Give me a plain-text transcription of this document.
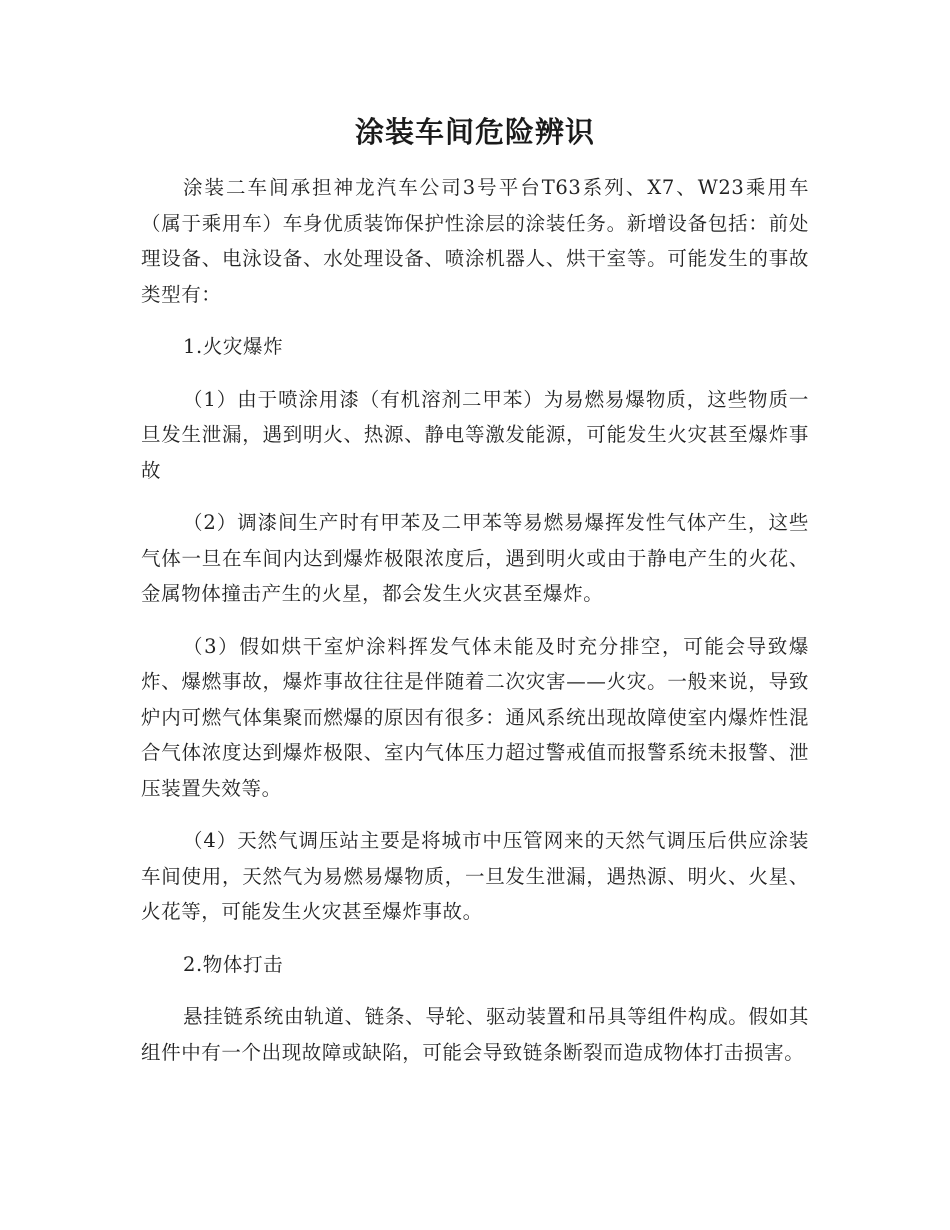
涂装车间危险辨识

涂装二车间承担神龙汽车公司3号平台T63系列、X7、W23乘用车（属于乘用车）车身优质装饰保护性涂层的涂装任务。新增设备包括：前处理设备、电泳设备、水处理设备、喷涂机器人、烘干室等。可能发生的事故类型有：

1.火灾爆炸

（1）由于喷涂用漆（有机溶剂二甲苯）为易燃易爆物质，这些物质一旦发生泄漏，遇到明火、热源、静电等激发能源，可能发生火灾甚至爆炸事故

（2）调漆间生产时有甲苯及二甲苯等易燃易爆挥发性气体产生，这些气体一旦在车间内达到爆炸极限浓度后，遇到明火或由于静电产生的火花、金属物体撞击产生的火星，都会发生火灾甚至爆炸。

（3）假如烘干室炉涂料挥发气体未能及时充分排空，可能会导致爆炸、爆燃事故，爆炸事故往往是伴随着二次灾害——火灾。一般来说，导致炉内可燃气体集聚而燃爆的原因有很多：通风系统出现故障使室内爆炸性混合气体浓度达到爆炸极限、室内气体压力超过警戒值而报警系统未报警、泄压装置失效等。

（4）天然气调压站主要是将城市中压管网来的天然气调压后供应涂装车间使用，天然气为易燃易爆物质，一旦发生泄漏，遇热源、明火、火星、火花等，可能发生火灾甚至爆炸事故。

2.物体打击

悬挂链系统由轨道、链条、导轮、驱动装置和吊具等组件构成。假如其组件中有一个出现故障或缺陷，可能会导致链条断裂而造成物体打击损害。
